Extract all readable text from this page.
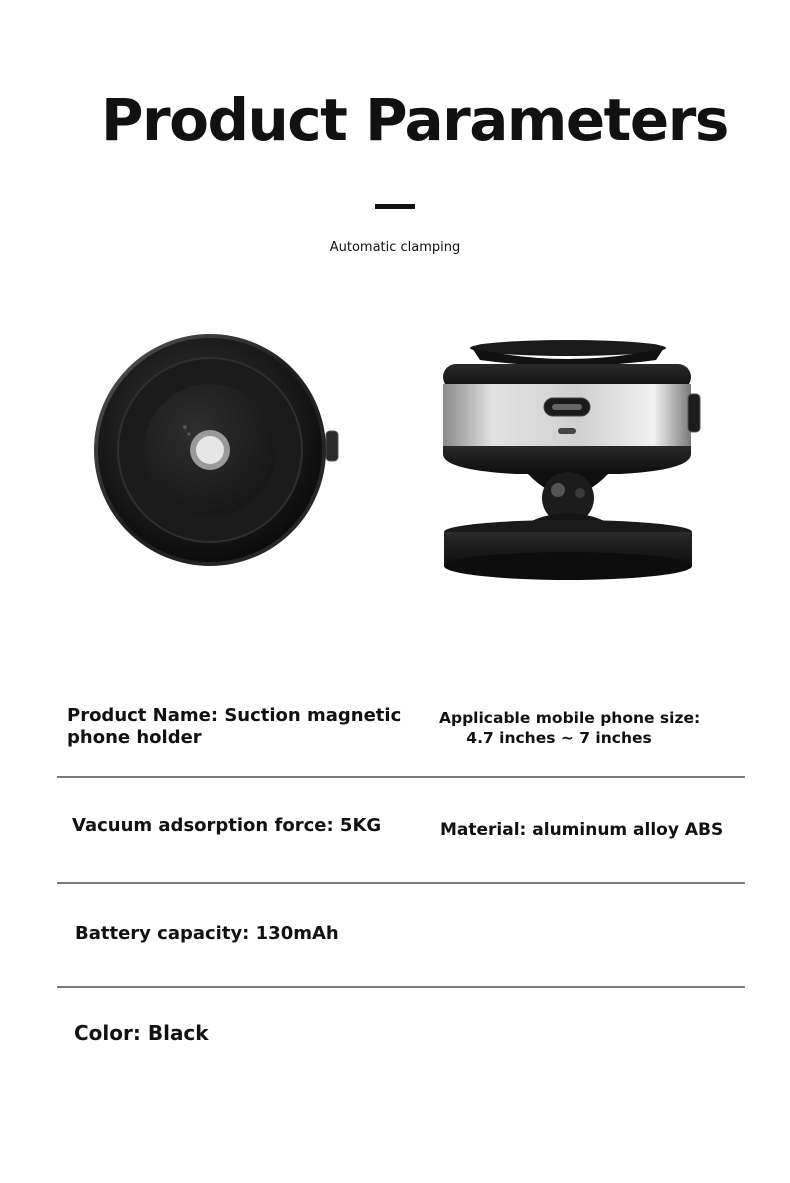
Product Parameters
Automatic clamping
Product Name: Suction magnetic
phone holder
Applicable mobile phone size:
4.7 inches ~ 7 inches
Vacuum adsorption force: 5KG	Material: aluminum alloy ABS
Battery capacity: 130mAh
Color: Black
